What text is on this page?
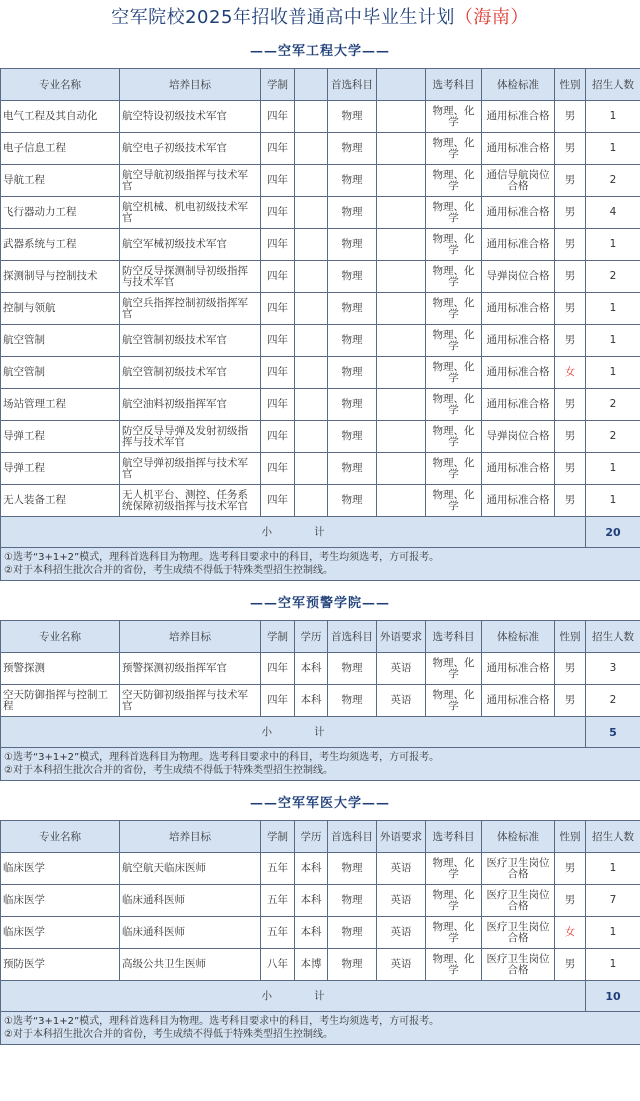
空军院校2025年招收普通高中毕业生计划（海南）
——空军工程大学——
专业名称	培养目标	学制		首选科目		选考科目	体检标准	性别	招生人数
电气工程及其自动化	航空特设初级技术军官	四年		物理		物理、化学	通用标准合格	男	1
电子信息工程	航空电子初级技术军官	四年		物理		物理、化学	通用标准合格	男	1
导航工程	航空导航初级指挥与技术军官	四年		物理		物理、化学	通信导航岗位合格	男	2
飞行器动力工程	航空机械、机电初级技术军官	四年		物理		物理、化学	通用标准合格	男	4
武器系统与工程	航空军械初级技术军官	四年		物理		物理、化学	通用标准合格	男	1
探测制导与控制技术	防空反导探测制导初级指挥与技术军官	四年		物理		物理、化学	导弹岗位合格	男	2
控制与领航	航空兵指挥控制初级指挥军官	四年		物理		物理、化学	通用标准合格	男	1
航空管制	航空管制初级技术军官	四年		物理		物理、化学	通用标准合格	男	1
航空管制	航空管制初级技术军官	四年		物理		物理、化学	通用标准合格	女	1
场站管理工程	航空油料初级指挥军官	四年		物理		物理、化学	通用标准合格	男	2
导弹工程	防空反导导弹及发射初级指挥与技术军官	四年		物理		物理、化学	导弹岗位合格	男	2
导弹工程	航空导弹初级指挥与技术军官	四年		物理		物理、化学	通用标准合格	男	1
无人装备工程	无人机平台、测控、任务系统保障初级指挥与技术军官	四年		物理		物理、化学	通用标准合格	男	1
小　　　　计									20

①选考“3+1+2”模式，理科首选科目为物理。选考科目要求中的科目，考生均须选考，方可报考。
②对于本科招生批次合并的省份，考生成绩不得低于特殊类型招生控制线。									
——空军预警学院——
专业名称	培养目标	学制	学历	首选科目	外语要求	选考科目	体检标准	性别	招生人数
预警探测	预警探测初级指挥军官	四年	本科	物理	英语	物理、化学	通用标准合格	男	3
空天防御指挥与控制工程	空天防御初级指挥与技术军官	四年	本科	物理	英语	物理、化学	通用标准合格	男	2
小　　　　计									5

①选考“3+1+2”模式，理科首选科目为物理。选考科目要求中的科目，考生均须选考，方可报考。
②对于本科招生批次合并的省份，考生成绩不得低于特殊类型招生控制线。									
——空军军医大学——
专业名称	培养目标	学制	学历	首选科目	外语要求	选考科目	体检标准	性别	招生人数
临床医学	航空航天临床医师	五年	本科	物理	英语	物理、化学	医疗卫生岗位合格	男	1
临床医学	临床通科医师	五年	本科	物理	英语	物理、化学	医疗卫生岗位合格	男	7
临床医学	临床通科医师	五年	本科	物理	英语	物理、化学	医疗卫生岗位合格	女	1
预防医学	高级公共卫生医师	八年	本博	物理	英语	物理、化学	医疗卫生岗位合格	男	1
小　　　　计									10

①选考“3+1+2”模式，理科首选科目为物理。选考科目要求中的科目，考生均须选考，方可报考。
②对于本科招生批次合并的省份，考生成绩不得低于特殊类型招生控制线。									
